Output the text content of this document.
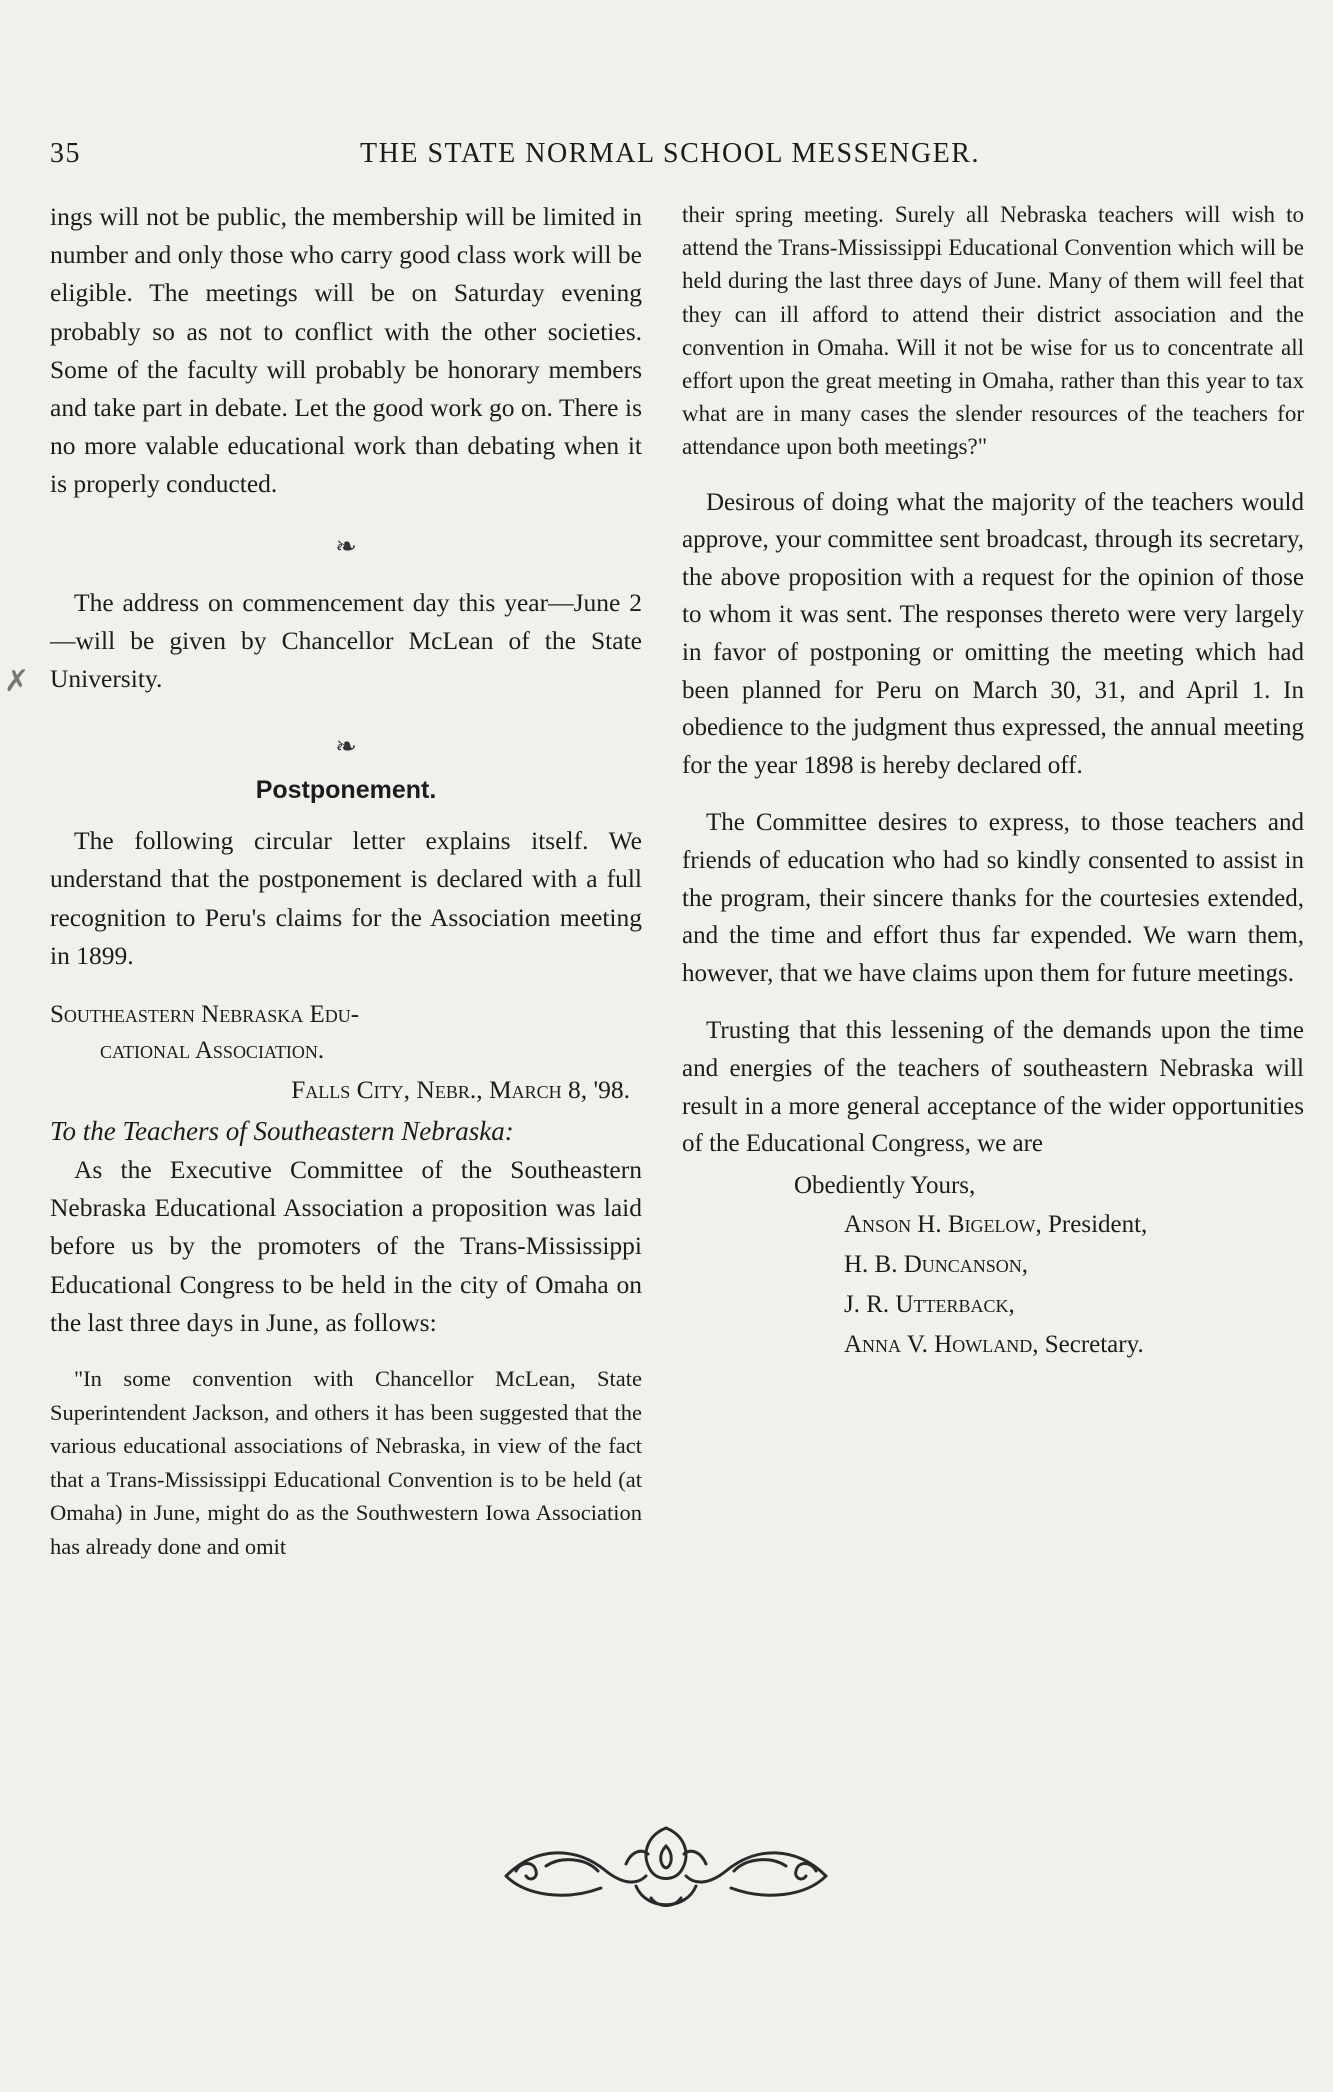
35	THE STATE NORMAL SCHOOL MESSENGER.
✗

ings will not be public, the membership will be limited in number and only those who carry good class work will be eligible. The meetings will be on Saturday evening probably so as not to conflict with the other societies. Some of the faculty will probably be honorary members and take part in debate. Let the good work go on. There is no more valable educational work than debating when it is properly conducted.

❧

The address on commencement day this year—June 2—will be given by Chancellor McLean of the State University.

❧
Postponement.

The following circular letter explains itself. We understand that the postponement is declared with a full recognition to Peru's claims for the Association meeting in 1899.

Southeastern Nebraska Edu-
cational Association.
Falls City, Nebr., March 8, '98.
To the Teachers of Southeastern Nebraska:

As the Executive Committee of the Southeastern Nebraska Educational Association a proposition was laid before us by the promoters of the Trans-Mississippi Educational Congress to be held in the city of Omaha on the last three days in June, as follows:

"In some convention with Chancellor McLean, State Superintendent Jackson, and others it has been suggested that the various educational associations of Nebraska, in view of the fact that a Trans-Mississippi Educational Convention is to be held (at Omaha) in June, might do as the Southwestern Iowa Association has already done and omit

their spring meeting. Surely all Nebraska teachers will wish to attend the Trans-Mississippi Educational Convention which will be held during the last three days of June. Many of them will feel that they can ill afford to attend their district association and the convention in Omaha. Will it not be wise for us to concentrate all effort upon the great meeting in Omaha, rather than this year to tax what are in many cases the slender resources of the teachers for attendance upon both meetings?"

Desirous of doing what the majority of the teachers would approve, your committee sent broadcast, through its secretary, the above proposition with a request for the opinion of those to whom it was sent. The responses thereto were very largely in favor of postponing or omitting the meeting which had been planned for Peru on March 30, 31, and April 1. In obedience to the judgment thus expressed, the annual meeting for the year 1898 is hereby declared off.

The Committee desires to express, to those teachers and friends of education who had so kindly consented to assist in the program, their sincere thanks for the courtesies extended, and the time and effort thus far expended. We warn them, however, that we have claims upon them for future meetings.

Trusting that this lessening of the demands upon the time and energies of the teachers of southeastern Nebraska will result in a more general acceptance of the wider opportunities of the Educational Congress, we are

Obediently Yours,
Anson H. Bigelow, President,
H. B. Duncanson,
J. R. Utterback,
Anna V. Howland, Secretary.
